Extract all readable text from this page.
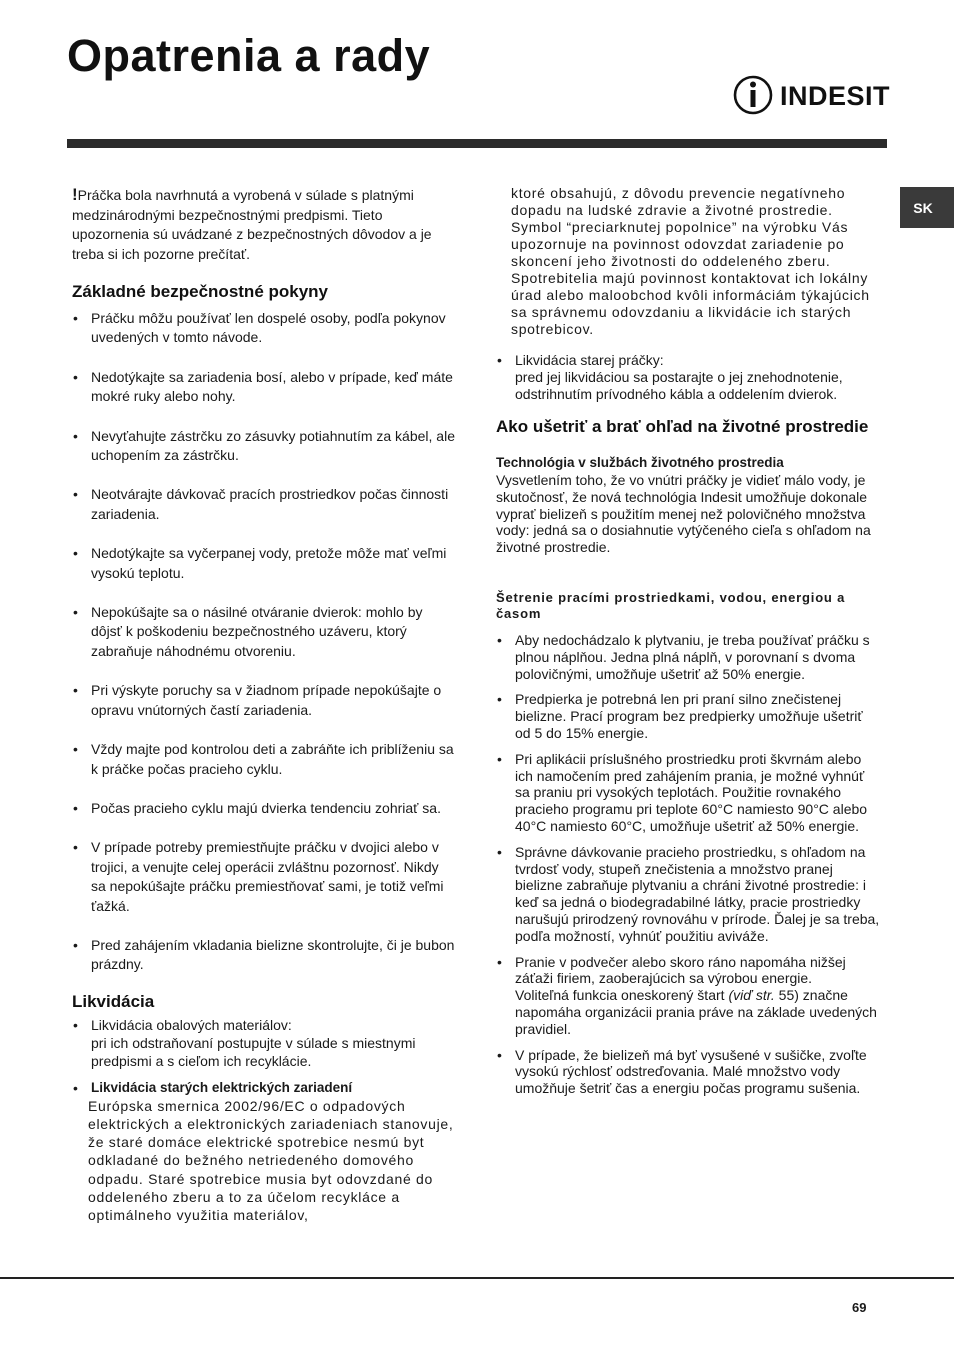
Opatrenia a rady
INDESIT
SK

!Práčka bola navrhnutá a vyrobená v súlade s platnými medzinárodnými bezpečnostnými predpismi. Tieto upozornenia sú uvádzané z bezpečnostných dôvodov a je treba si ich pozorne prečítať.

Základné bezpečnostné pokyny
• Práčku môžu používať len dospelé osoby, podľa pokynov uvedených v tomto návode.
• Nedotýkajte sa zariadenia bosí, alebo v prípade, keď máte mokré ruky alebo nohy.
• Nevyťahujte zástrčku zo zásuvky potiahnutím za kábel, ale uchopením za zástrčku.
• Neotvárajte dávkovač pracích prostriedkov počas činnosti zariadenia.
• Nedotýkajte sa vyčerpanej vody, pretože môže mať veľmi vysokú teplotu.
• Nepokúšajte sa o násilné otváranie dvierok: mohlo by dôjsť k poškodeniu bezpečnostného uzáveru, ktorý zabraňuje náhodnému otvoreniu.
• Pri výskyte poruchy sa v žiadnom prípade nepokúšajte o opravu vnútorných častí zariadenia.
• Vždy majte pod kontrolou deti a zabráňte ich priblíženiu sa k práčke počas pracieho cyklu.
• Počas pracieho cyklu majú dvierka tendenciu zohriať sa.
• V prípade potreby premiestňujte práčku v dvojici alebo v trojici, a venujte celej operácii zvláštnu pozornosť. Nikdy sa nepokúšajte práčku premiestňovať sami, je totiž veľmi ťažká.
• Pred zahájením vkladania bielizne skontrolujte, či je bubon prázdny.
Likvidácia
• Likvidácia obalových materiálov:
pri ich odstraňovaní postupujte v súlade s miestnymi predpismi a s cieľom ich recyklácie.
• Likvidácia starých elektrických zariadení
Európska smernica 2002/96/EC o odpadových elektrických a elektronických zariadeniach stanovuje, že staré domáce elektrické spotrebice nesmú byt odkladané do bežného netriedeného domového odpadu. Staré spotrebice musia byt odovzdané do oddeleného zberu a to za účelom recykláce a optimálneho využitia materiálov,

ktoré obsahujú, z dôvodu prevencie negatívneho dopadu na ludské zdravie a životné prostredie. Symbol “preciarknutej popolnice” na výrobku Vás upozornuje na povinnost odovzdat zariadenie po skoncení jeho životnosti do oddeleného zberu. Spotrebitelia majú povinnost kontaktovat ich lokálny úrad alebo maloobchod kvôli informáciám týkajúcich sa správnemu odovzdaniu a likvidácie ich starých spotrebicov.

• Likvidácia starej práčky:
pred jej likvidáciou sa postarajte o jej znehodnotenie, odstrihnutím prívodného kábla a oddelením dvierok.
Ako ušetriť a brať ohľad na životné prostredie
Technológia v službách životného prostredia

Vysvetlením toho, že vo vnútri práčky je vidieť málo vody, je skutočnosť, že nová technológia Indesit umožňuje dokonale vyprať bielizeň s použitím menej než polovičného množstva vody: jedná sa o dosiahnutie vytýčeného cieľa s ohľadom na životné prostredie.

Šetrenie pracími prostriedkami, vodou, energiou a časom
• Aby nedochádzalo k plytvaniu, je treba používať práčku s plnou náplňou. Jedna plná náplň, v porovnaní s dvoma polovičnými, umožňuje ušetriť až 50% energie.
• Predpierka je potrebná len pri praní silno znečistenej bielizne. Prací program bez predpierky umožňuje ušetriť od 5 do 15% energie.
• Pri aplikácii príslušného prostriedku proti škvrnám alebo ich namočením pred zahájením prania, je možné vyhnúť sa praniu pri vysokých teplotách. Použitie rovnakého pracieho programu pri teplote 60°C namiesto 90°C alebo 40°C namiesto 60°C, umožňuje ušetriť až 50% energie.
• Správne dávkovanie pracieho prostriedku, s ohľadom na tvrdosť vody, stupeň znečistenia a množstvo pranej bielizne zabraňuje plytvaniu a chráni životné prostredie: i keď sa jedná o biodegradabilné látky, pracie prostriedky narušujú prirodzený rovnováhu v prírode. Ďalej je sa treba, podľa možností, vyhnúť použitiu aviváže.
• Pranie v podvečer alebo skoro ráno napomáha nižšej záťaži firiem, zaoberajúcich sa výrobou energie.
Voliteľná funkcia oneskorený štart (viď str. 55) značne napomáha organizácii prania práve na základe uvedených pravidiel.
• V prípade, že bielizeň má byť vysušené v sušičke, zvoľte vysokú rýchlosť odstreďovania. Malé množstvo vody umožňuje šetriť čas a energiu počas programu sušenia.
69
